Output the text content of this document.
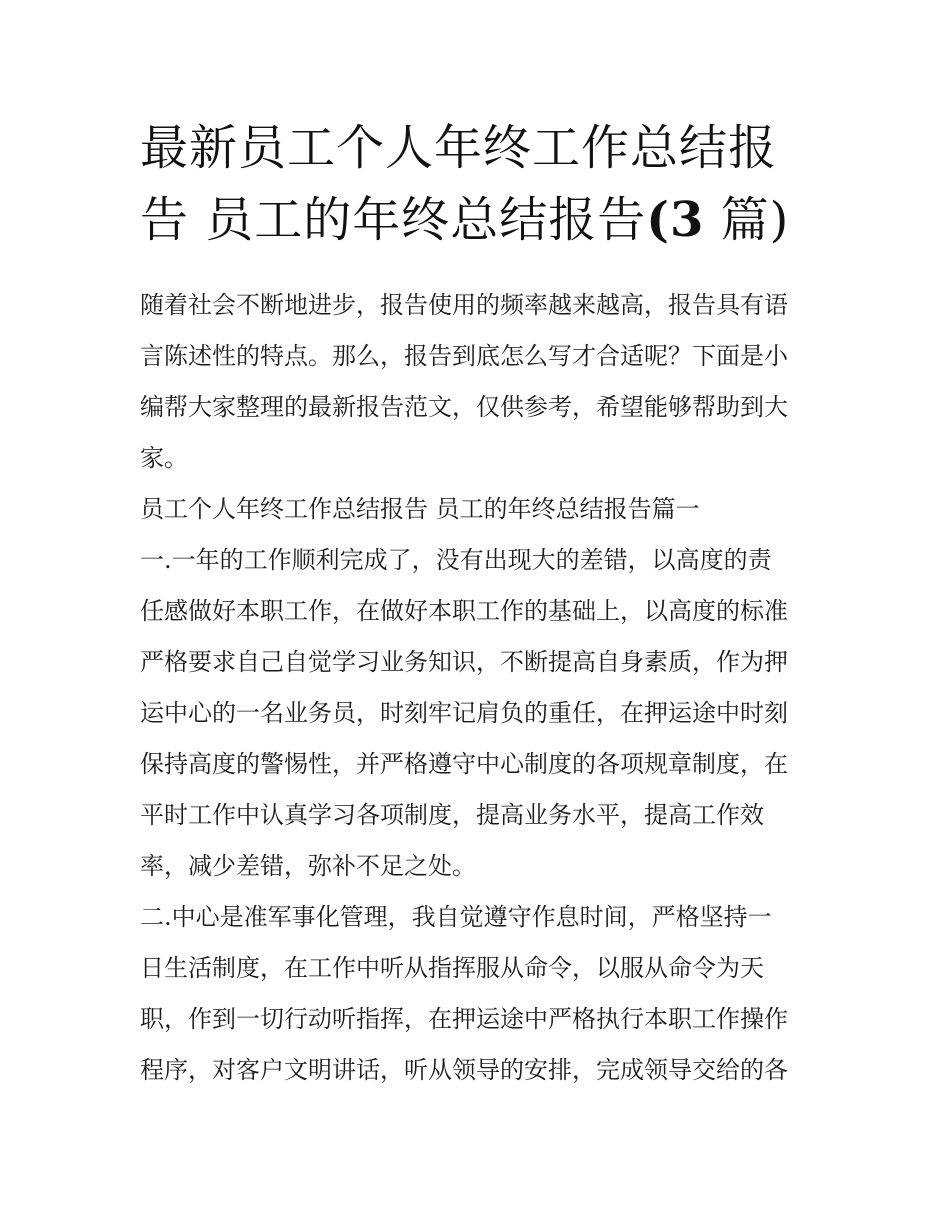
最新员工个人年终工作总结报
告 员工的年终总结报告(3 篇)

随着社会不断地进步，报告使用的频率越来越高，报告具有语
言陈述性的特点。那么，报告到底怎么写才合适呢？下面是小
编帮大家整理的最新报告范文，仅供参考，希望能够帮助到大
家。

员工个人年终工作总结报告 员工的年终总结报告篇一

一.一年的工作顺利完成了，没有出现大的差错，以高度的责
任感做好本职工作，在做好本职工作的基础上，以高度的标准
严格要求自己自觉学习业务知识，不断提高自身素质，作为押
运中心的一名业务员，时刻牢记肩负的重任，在押运途中时刻
保持高度的警惕性，并严格遵守中心制度的各项规章制度，在
平时工作中认真学习各项制度，提高业务水平，提高工作效
率，减少差错，弥补不足之处。

二.中心是准军事化管理，我自觉遵守作息时间，严格坚持一
日生活制度，在工作中听从指挥服从命令，以服从命令为天
职，作到一切行动听指挥，在押运途中严格执行本职工作操作
程序，对客户文明讲话，听从领导的安排，完成领导交给的各
